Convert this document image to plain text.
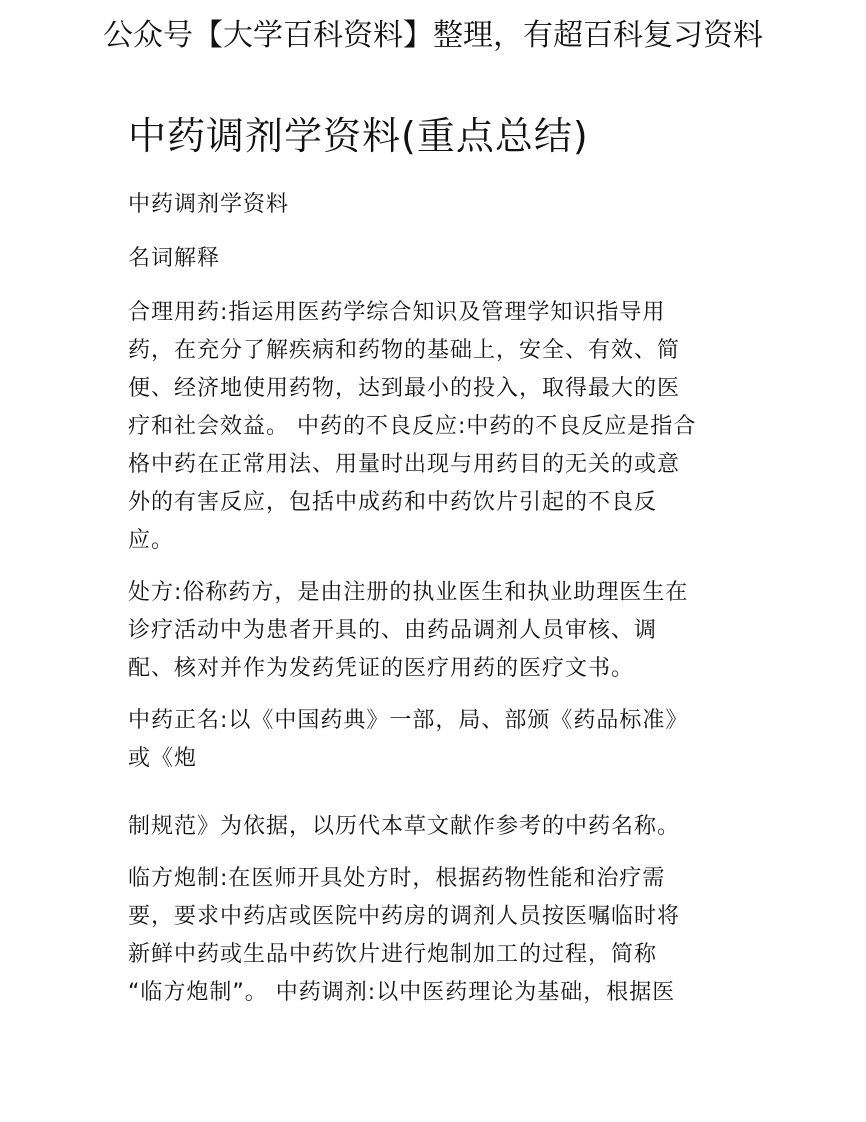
公众号【大学百科资料】整理，有超百科复习资料
中药调剂学资料(重点总结)
中药调剂学资料
名词解释
合理用药:指运用医药学综合知识及管理学知识指导用
药，在充分了解疾病和药物的基础上，安全、有效、简
便、经济地使用药物，达到最小的投入，取得最大的医
疗和社会效益。 中药的不良反应:中药的不良反应是指合
格中药在正常用法、用量时出现与用药目的无关的或意
外的有害反应，包括中成药和中药饮片引起的不良反
应。
处方:俗称药方，是由注册的执业医生和执业助理医生在
诊疗活动中为患者开具的、由药品调剂人员审核、调
配、核对并作为发药凭证的医疗用药的医疗文书。
中药正名:以《中国药典》一部，局、部颁《药品标准》
或《炮
制规范》为依据，以历代本草文献作参考的中药名称。
临方炮制:在医师开具处方时，根据药物性能和治疗需
要，要求中药店或医院中药房的调剂人员按医嘱临时将
新鲜中药或生品中药饮片进行炮制加工的过程，简称
“临方炮制”。 中药调剂:以中医药理论为基础，根据医
